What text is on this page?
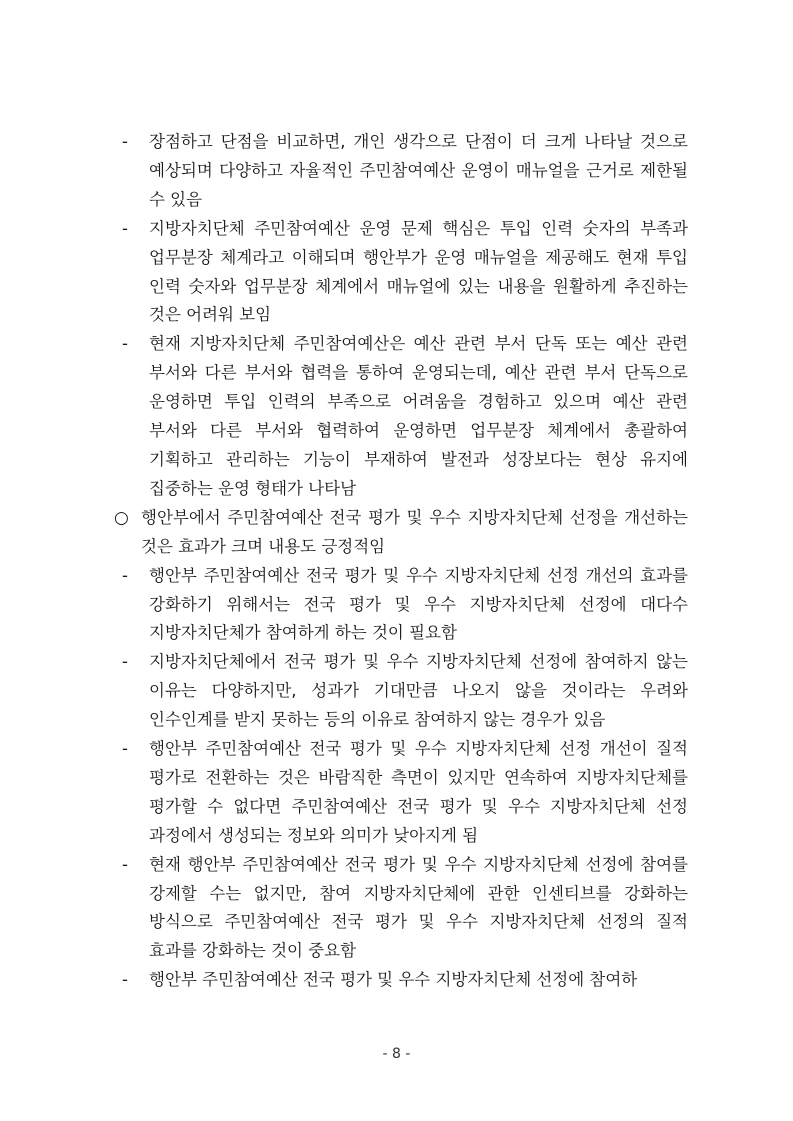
-	장점하고 단점을 비교하면, 개인 생각으로 단점이 더 크게 나타날 것으로 예상되며 다양하고 자율적인 주민참여예산 운영이 매뉴얼을 근거로 제한될 수 있음
-	지방자치단체 주민참여예산 운영 문제 핵심은 투입 인력 숫자의 부족과 업무분장 체계라고 이해되며 행안부가 운영 매뉴얼을 제공해도 현재 투입 인력 숫자와 업무분장 체계에서 매뉴얼에 있는 내용을 원활하게 추진하는 것은 어려워 보임
-	현재 지방자치단체 주민참여예산은 예산 관련 부서 단독 또는 예산 관련 부서와 다른 부서와 협력을 통하여 운영되는데, 예산 관련 부서 단독으로 운영하면 투입 인력의 부족으로 어려움을 경험하고 있으며 예산 관련 부서와 다른 부서와 협력하여 운영하면 업무분장 체계에서 총괄하여 기획하고 관리하는 기능이 부재하여 발전과 성장보다는 현상 유지에 집중하는 운영 형태가 나타남
○ 행안부에서 주민참여예산 전국 평가 및 우수 지방자치단체 선정을 개선하는 것은 효과가 크며 내용도 긍정적임
-	행안부 주민참여예산 전국 평가 및 우수 지방자치단체 선정 개선의 효과를 강화하기 위해서는 전국 평가 및 우수 지방자치단체 선정에 대다수 지방자치단체가 참여하게 하는 것이 필요함
-	지방자치단체에서 전국 평가 및 우수 지방자치단체 선정에 참여하지 않는 이유는 다양하지만, 성과가 기대만큼 나오지 않을 것이라는 우려와 인수인계를 받지 못하는 등의 이유로 참여하지 않는 경우가 있음
-	행안부 주민참여예산 전국 평가 및 우수 지방자치단체 선정 개선이 질적 평가로 전환하는 것은 바람직한 측면이 있지만 연속하여 지방자치단체를 평가할 수 없다면 주민참여예산 전국 평가 및 우수 지방자치단체 선정 과정에서 생성되는 정보와 의미가 낮아지게 됨
-	현재 행안부 주민참여예산 전국 평가 및 우수 지방자치단체 선정에 참여를 강제할 수는 없지만, 참여 지방자치단체에 관한 인센티브를 강화하는 방식으로 주민참여예산 전국 평가 및 우수 지방자치단체 선정의 질적 효과를 강화하는 것이 중요함
-	행안부 주민참여예산 전국 평가 및 우수 지방자치단체 선정에 참여하
- 8 -
